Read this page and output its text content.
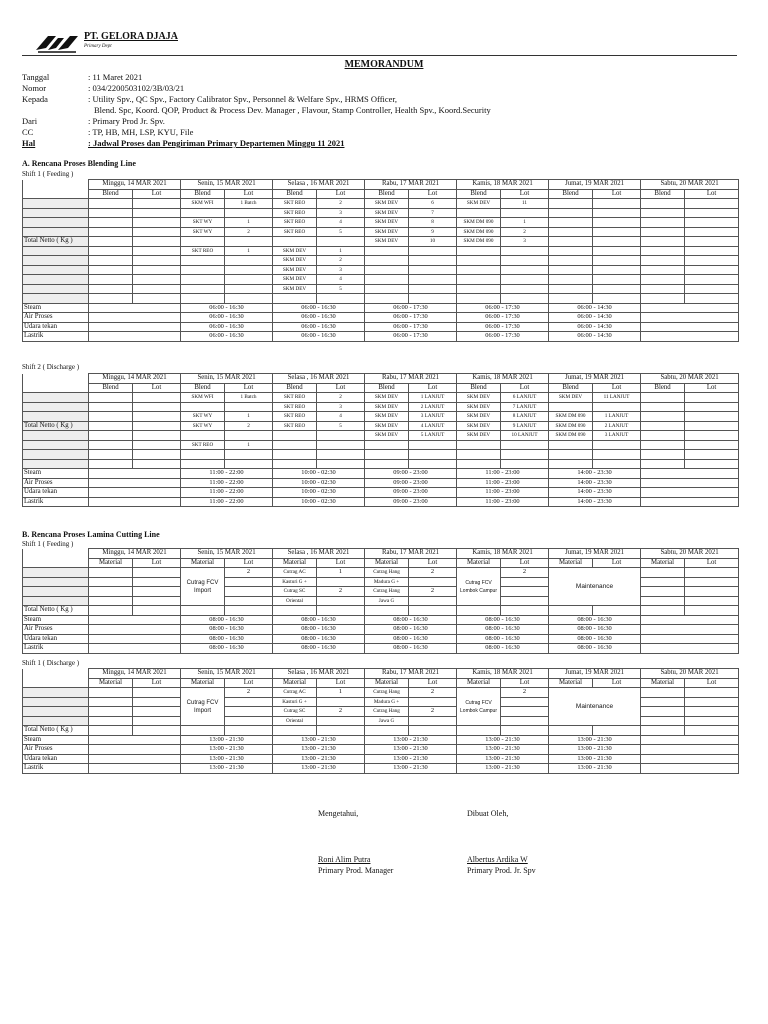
PT. GELORA DJAJA
Primary Dept
MEMORANDUM
Tanggal	: 11 Maret 2021
Nomor	: 034/2200503102/3B/03/21
Kepada	: Utility Spv., QC Spv., Factory Calibrator Spv., Personnel & Welfare Spv., HRMS Officer,
Blend. Spc, Koord. QOP, Product & Process Dev. Manager , Flavour, Stamp Controller, Health Spv., Koord.Security
Dari	: Primary Prod Jr. Spv.
CC	: TP, HB, MH, LSP, KYU, File
Hal	: Jadwal Proses dan Pengiriman Primary Departemen Minggu 11 2021
A. Rencana Proses Blending Line
Shift 1 ( Feeding )
	Minggu, 14 MAR 2021		Senin, 15 MAR 2021		Selasa , 16 MAR 2021		Rabu, 17 MAR 2021		Kamis, 18 MAR 2021		Jumat, 19 MAR 2021		Sabtu, 20 MAR 2021	
	Blend	Lot	Blend	Lot	Blend	Lot	Blend	Lot	Blend	Lot	Blend	Lot	Blend	Lot
			SKM WFI	1 Batch	SKT REO	2	SKM DEV	6	SKM DEV	11				
					SKT REO	3	SKM DEV	7						
			SKT WY	1	SKT REO	4	SKM DEV	8	SKM DM 090	1				
			SKT WY	2	SKT REO	5	SKM DEV	9	SKM DM 090	2				
Total Netto ( Kg )							SKM DEV	10	SKM DM 090	3				
			SKT REO	1	SKM DEV	1								
					SKM DEV	2								
					SKM DEV	3								
					SKM DEV	4								
					SKM DEV	5								

Steam			06:00 - 16:30		06:00 - 16:30		06:00 - 17:30		06:00 - 17:30		06:00 - 14:30			
Air Proses			06:00 - 16:30		06:00 - 16:30		06:00 - 17:30		06:00 - 17:30		06:00 - 14:30			
Udara tekan			06:00 - 16:30		06:00 - 16:30		06:00 - 17:30		06:00 - 17:30		06:00 - 14:30			
Lastrik			06:00 - 16:30		06:00 - 16:30		06:00 - 17:30		06:00 - 17:30		06:00 - 14:30			
Shift 2 ( Discharge )
	Minggu, 14 MAR 2021		Senin, 15 MAR 2021		Selasa , 16 MAR 2021		Rabu, 17 MAR 2021		Kamis, 18 MAR 2021		Jumat, 19 MAR 2021		Sabtu, 20 MAR 2021	
	Blend	Lot	Blend	Lot	Blend	Lot	Blend	Lot	Blend	Lot	Blend	Lot	Blend	Lot
			SKM WFI	1 Batch	SKT REO	2	SKM DEV	1 LANJUT	SKM DEV	6 LANJUT	SKM DEV	11 LANJUT		
					SKT REO	3	SKM DEV	2 LANJUT	SKM DEV	7 LANJUT				
			SKT WY	1	SKT REO	4	SKM DEV	3 LANJUT	SKM DEV	8 LANJUT	SKM DM 090	1 LANJUT		
Total Netto ( Kg )			SKT WY	2	SKT REO	5	SKM DEV	4 LANJUT	SKM DEV	9 LANJUT	SKM DM 090	2 LANJUT		
							SKM DEV	5 LANJUT	SKM DEV	10 LANJUT	SKM DM 090	3 LANJUT		
			SKT REO	1										

Steam			11:00 - 22:00		10:00 - 02:30		09:00 - 23:00		11:00 - 23:00		14:00 - 23:30			
Air Proses			11:00 - 22:00		10:00 - 02:30		09:00 - 23:00		11:00 - 23:00		14:00 - 23:30			
Udara tekan			11:00 - 22:00		10:00 - 02:30		09:00 - 23:00		11:00 - 23:00		14:00 - 23:30			
Lastrik			11:00 - 22:00		10:00 - 02:30		09:00 - 23:00		11:00 - 23:00		14:00 - 23:30			
B. Rencana Proses Lamina Cutting Line
Shift 1 ( Feeding )
	Minggu, 14 MAR 2021		Senin, 15 MAR 2021		Selasa , 16 MAR 2021		Rabu, 17 MAR 2021		Kamis, 18 MAR 2021		Jumat, 19 MAR 2021		Sabtu, 20 MAR 2021	
	Material	Lot	Material	Lot	Material	Lot	Material	Lot	Material	Lot	Material	Lot	Material	Lot
			Cutrag FCV Import	2	Cutrag AC	1	Cutrag Hang	2	Cutrag FCV Lombok Campur	2	Maintenance			
					Kasturi G +		Madura G +							
					Cutrag SC	2	Cutrag Hang	2						
					Oriental		Jawa G							
Total Netto ( Kg )														
Steam			08:00 - 16:30		08:00 - 16:30		08:00 - 16:30		08:00 - 16:30		08:00 - 16:30			
Air Proses			08:00 - 16:30		08:00 - 16:30		08:00 - 16:30		08:00 - 16:30		08:00 - 16:30			
Udara tekan			08:00 - 16:30		08:00 - 16:30		08:00 - 16:30		08:00 - 16:30		08:00 - 16:30			
Lastrik			08:00 - 16:30		08:00 - 16:30		08:00 - 16:30		08:00 - 16:30		08:00 - 16:30			
Shift 1 ( Discharge )
	Minggu, 14 MAR 2021		Senin, 15 MAR 2021		Selasa , 16 MAR 2021		Rabu, 17 MAR 2021		Kamis, 18 MAR 2021		Jumat, 19 MAR 2021		Sabtu, 20 MAR 2021	
	Material	Lot	Material	Lot	Material	Lot	Material	Lot	Material	Lot	Material	Lot	Material	Lot
			Cutrag FCV Import	2	Cutrag AC	1	Cutrag Hang	2	Cutrag FCV Lombok Campur	2	Maintenance			
					Kasturi G +		Madura G +							
					Cutrag SC	2	Cutrag Hang	2						
					Oriental		Jawa G							
Total Netto ( Kg )														
Steam			13:00 - 21:30		13:00 - 21:30		13:00 - 21:30		13:00 - 21:30		13:00 - 21:30			
Air Proses			13:00 - 21:30		13:00 - 21:30		13:00 - 21:30		13:00 - 21:30		13:00 - 21:30			
Udara tekan			13:00 - 21:30		13:00 - 21:30		13:00 - 21:30		13:00 - 21:30		13:00 - 21:30			
Lastrik			13:00 - 21:30		13:00 - 21:30		13:00 - 21:30		13:00 - 21:30		13:00 - 21:30			
Mengetahui,	Dibuat Oleh,
Roni Alim Putra
Primary Prod. Manager
Albertus Ardika W
Primary Prod. Jr. Spv
